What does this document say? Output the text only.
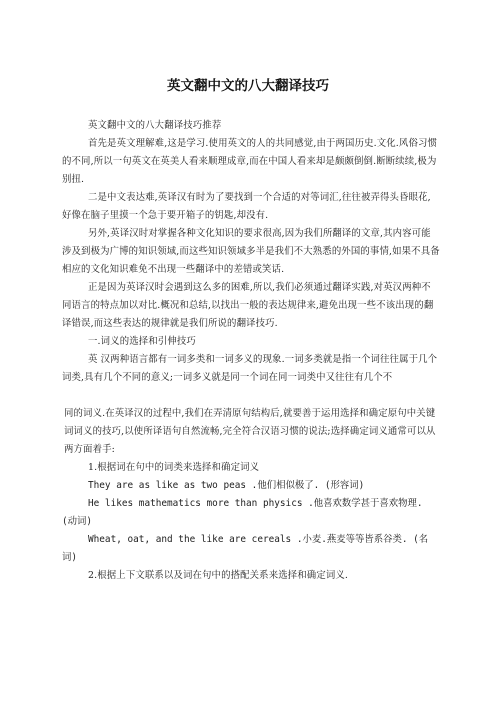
英文翻中文的八大翻译技巧

英文翻中文的八大翻译技巧推荐

首先是英文理解难,这是学习.使用英文的人的共同感觉,由于两国历史.文化.风俗习惯的不同,所以一句英文在英美人看来顺理成章,而在中国人看来却是颇颇倒倒.断断续续,极为别扭.

二是中文表达难,英译汉有时为了要找到一个合适的对等词汇,往往被弄得头昏眼花,好像在脑子里摸一个急于要开箱子的钥匙,却没有.

另外,英译汉时对掌握各种文化知识的要求很高,因为我们所翻译的文章,其内容可能涉及到极为广博的知识领域,而这些知识领域多半是我们不大熟悉的外国的事情,如果不具备相应的文化知识难免不出现一些翻译中的差错或笑话.

正是因为英译汉时会遇到这么多的困难,所以,我们必须通过翻译实践,对英汉两种不同语言的特点加以对比.概况和总结,以找出一般的表达规律来,避免出现一些不该出现的翻译错误,而这些表达的规律就是我们所说的翻译技巧.

一.词义的选择和引伸技巧

英 汉两种语言都有一词多类和一词多义的现象.一词多类就是指一个词往往属于几个词类,具有几个不同的意义;一词多义就是同一个词在同一词类中又往往有几个不

同的词义.在英译汉的过程中,我们在弄清原句结构后,就要善于运用选择和确定原句中关键词词义的技巧,以使所译语句自然流畅,完全符合汉语习惯的说法;选择确定词义通常可以从两方面着手:

1.根据词在句中的词类来选择和确定词义

They are as like as two peas .他们相似极了. (形容词)

He likes mathematics more than physics .他喜欢数学甚于喜欢物理. (动词)

Wheat, oat, and the like are cereals .小麦.燕麦等等皆系谷类. (名词)

2.根据上下文联系以及词在句中的搭配关系来选择和确定词义.
